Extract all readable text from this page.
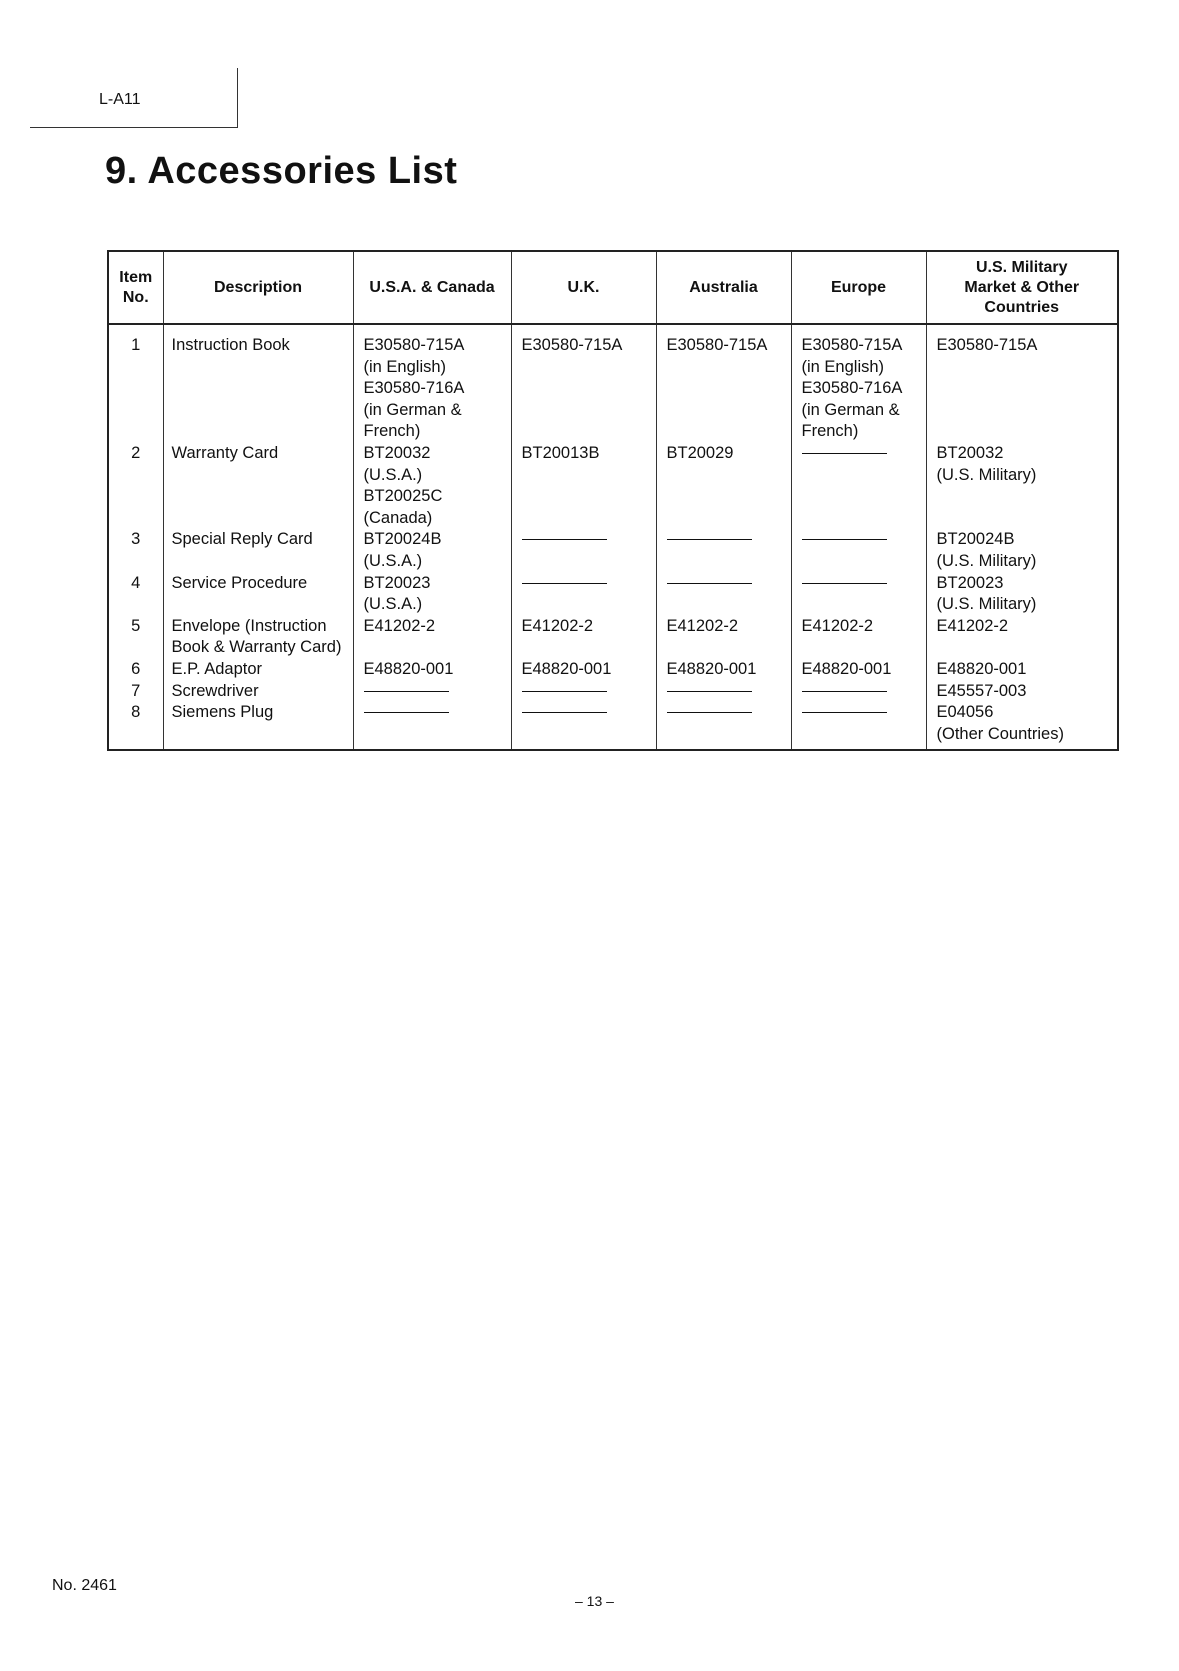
L-A11
9. Accessories List
Item
No.	Description	U.S.A. & Canada	U.K.	Australia	Europe	U.S. Military
Market & Other
Countries

1	Instruction Book	E30580-715A
(in English)
E30580-716A
(in German &
French)	E30580-715A	E30580-715A	E30580-715A
(in English)
E30580-716A
(in German &
French)	E30580-715A

2	Warranty Card	BT20032
(U.S.A.)
BT20025C
(Canada)	BT20013B	BT20029		BT20032
(U.S. Military)

3	Special Reply Card	BT20024B
(U.S.A.)				BT20024B
(U.S. Military)

4	Service Procedure	BT20023
(U.S.A.)				BT20023
(U.S. Military)

5	Envelope (Instruction
Book & Warranty Card)	E41202-2	E41202-2	E41202-2	E41202-2	E41202-2

6	E.P. Adaptor	E48820-001	E48820-001	E48820-001	E48820-001	E48820-001

7	Screwdriver					E45557-003

8	Siemens Plug					E04056
(Other Countries)
No. 2461
– 13 –
